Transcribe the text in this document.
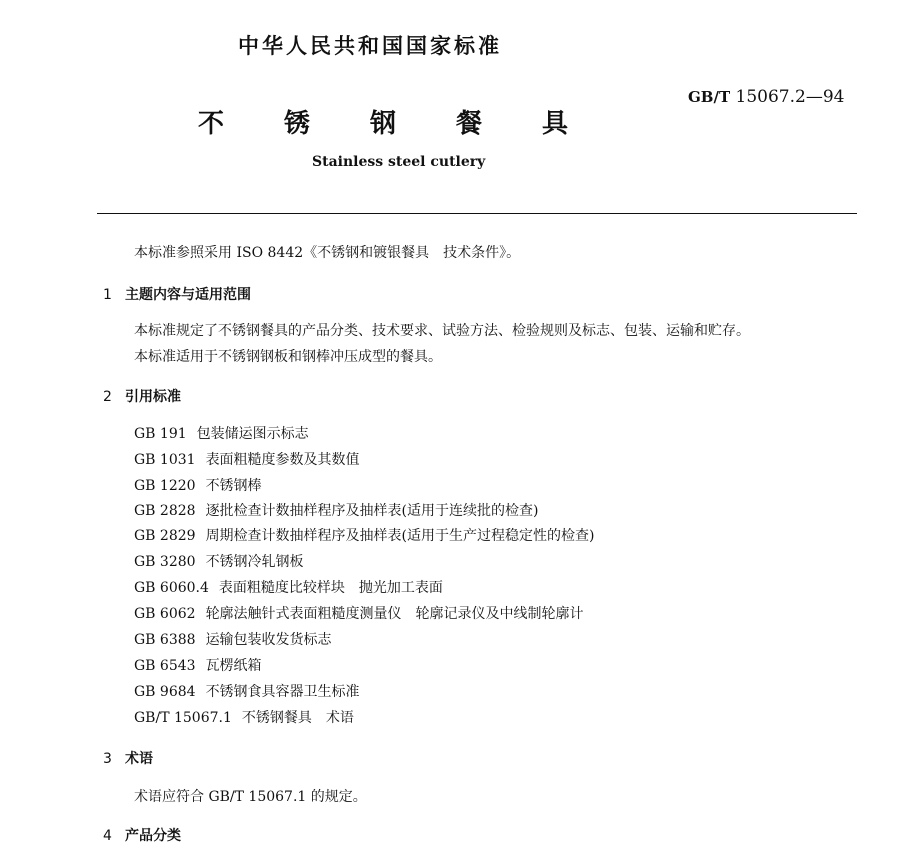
中华人民共和国国家标准
GB/T 15067.2—94
不锈钢餐具
Stainless steel cutlery
本标准参照采用 ISO 8442《不锈钢和镀银餐具　技术条件》。
1 主题内容与适用范围
本标准规定了不锈钢餐具的产品分类、技术要求、试验方法、检验规则及标志、包装、运输和贮存。
本标准适用于不锈钢钢板和钢棒冲压成型的餐具。
2 引用标准
GB 191 包装储运图示标志
GB 1031 表面粗糙度参数及其数值
GB 1220 不锈钢棒
GB 2828 逐批检查计数抽样程序及抽样表(适用于连续批的检查)
GB 2829 周期检查计数抽样程序及抽样表(适用于生产过程稳定性的检查)
GB 3280 不锈钢冷轧钢板
GB 6060.4 表面粗糙度比较样块　抛光加工表面
GB 6062 轮廓法触针式表面粗糙度测量仪　轮廓记录仪及中线制轮廓计
GB 6388 运输包装收发货标志
GB 6543 瓦楞纸箱
GB 9684 不锈钢食具容器卫生标准
GB/T 15067.1 不锈钢餐具　术语
3 术语
术语应符合 GB/T 15067.1 的规定。
4 产品分类
